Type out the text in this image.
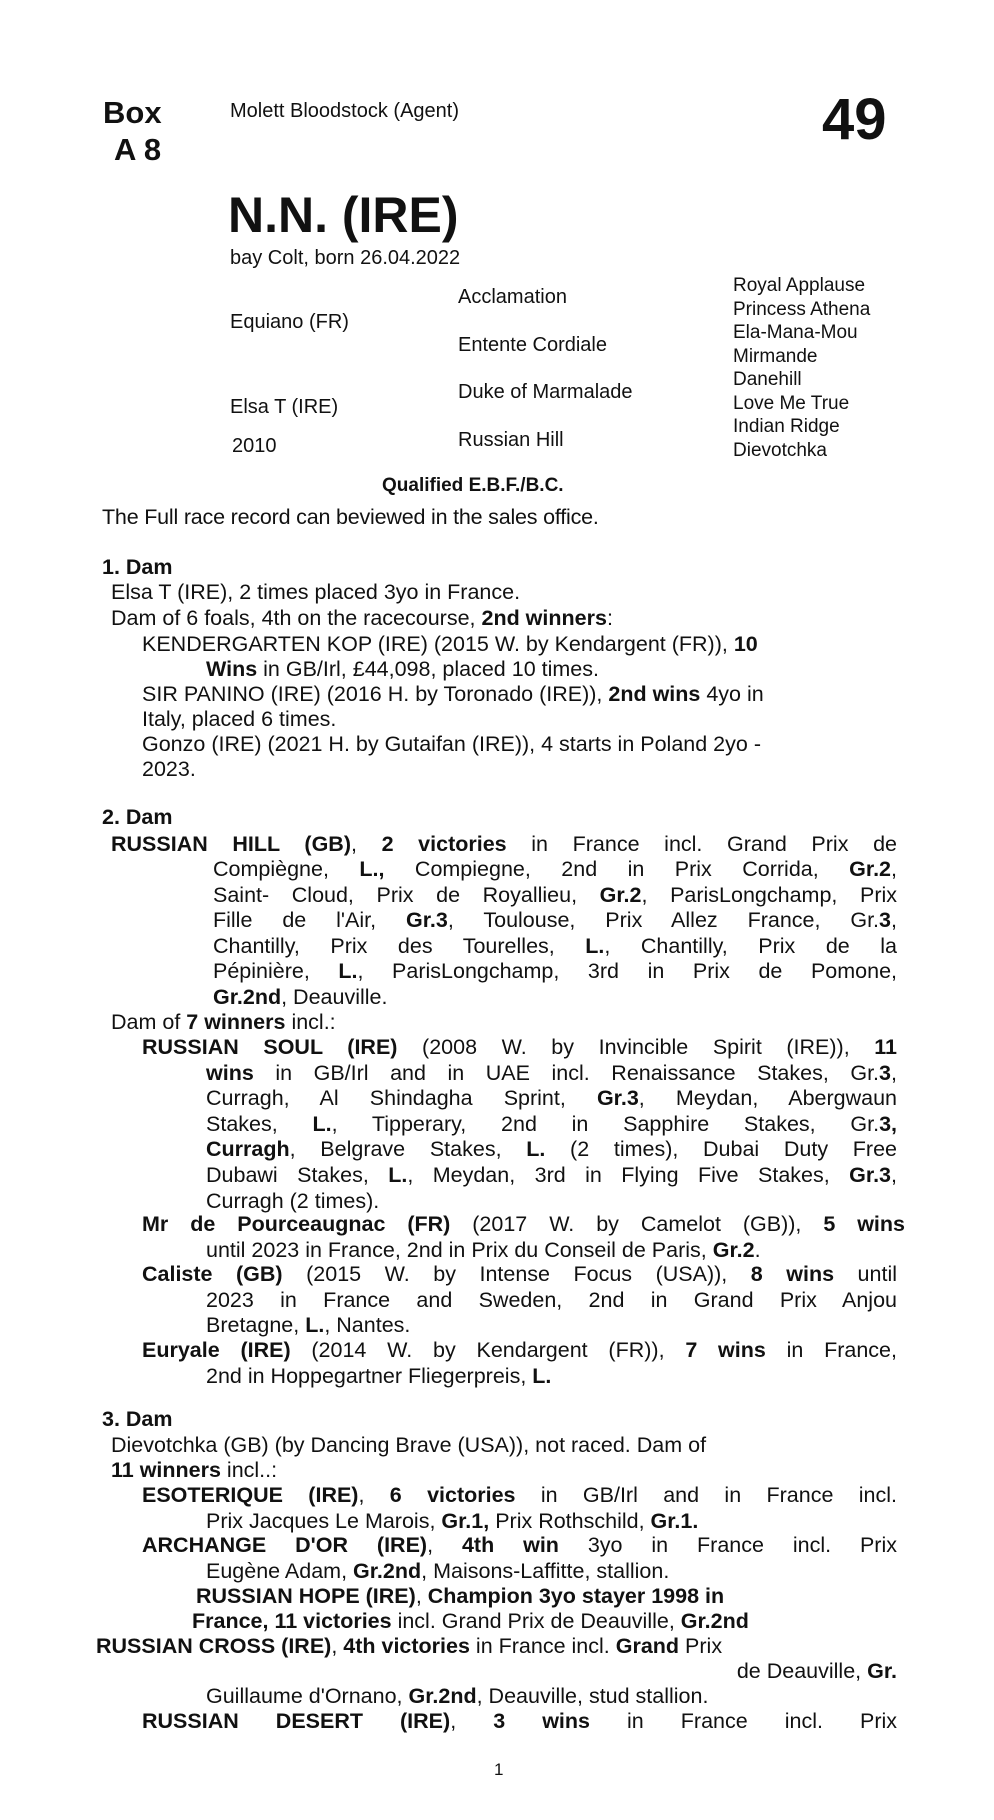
Box
A 8
Molett Bloodstock (Agent)	49
N.N. (IRE)
bay Colt, born 26.04.2022
Equiano (FR)
Elsa T (IRE)
2010
Acclamation
Entente Cordiale
Duke of Marmalade
Russian Hill
Royal Applause
Princess Athena
Ela-Mana-Mou
Mirmande
Danehill
Love Me True
Indian Ridge
Dievotchka
Qualified E.B.F./B.C.
The Full race record can beviewed in the sales office.
1. Dam
Elsa T (IRE), 2 times placed 3yo in France.
Dam of 6 foals, 4th on the racecourse, 2nd winners:
KENDERGARTEN KOP (IRE) (2015 W. by Kendargent (FR)), 10
Wins in GB/Irl, £44,098, placed 10 times.
SIR PANINO (IRE) (2016 H. by Toronado (IRE)), 2nd wins 4yo in
Italy, placed 6 times.
Gonzo (IRE) (2021 H. by Gutaifan (IRE)), 4 starts in Poland 2yo -
2023.
2. Dam
RUSSIAN HILL (GB), 2 victories in France incl. Grand Prix de
Compiègne, L., Compiegne, 2nd in Prix Corrida, Gr.2,
Saint- Cloud, Prix de Royallieu, Gr.2, ParisLongchamp, Prix
Fille de l'Air, Gr.3, Toulouse, Prix Allez France, Gr.3,
Chantilly, Prix des Tourelles, L., Chantilly, Prix de la
Pépinière, L., ParisLongchamp, 3rd in Prix de Pomone,
Gr.2nd, Deauville.
Dam of 7 winners incl.:
RUSSIAN SOUL (IRE) (2008 W. by Invincible Spirit (IRE)), 11
wins in GB/Irl and in UAE incl. Renaissance Stakes, Gr.3,
Curragh, Al Shindagha Sprint, Gr.3, Meydan, Abergwaun
Stakes, L., Tipperary, 2nd in Sapphire Stakes, Gr.3,
Curragh, Belgrave Stakes, L. (2 times), Dubai Duty Free
Dubawi Stakes, L., Meydan, 3rd in Flying Five Stakes, Gr.3,
Curragh (2 times).
Mr de Pourceaugnac (FR) (2017 W. by Camelot (GB)), 5 wins
until 2023 in France, 2nd in Prix du Conseil de Paris, Gr.2.
Caliste (GB) (2015 W. by Intense Focus (USA)), 8 wins until
2023 in France and Sweden, 2nd in Grand Prix Anjou
Bretagne, L., Nantes.
Euryale (IRE) (2014 W. by Kendargent (FR)), 7 wins in France,
2nd in Hoppegartner Fliegerpreis, L.
3. Dam
Dievotchka (GB) (by Dancing Brave (USA)), not raced. Dam of
11 winners incl..:
ESOTERIQUE (IRE), 6 victories in GB/Irl and in France incl.
Prix Jacques Le Marois, Gr.1, Prix Rothschild, Gr.1.
ARCHANGE D'OR (IRE), 4th win 3yo in France incl. Prix
Eugène Adam, Gr.2nd, Maisons-Laffitte, stallion.
RUSSIAN HOPE (IRE), Champion 3yo stayer 1998 in
France, 11 victories incl. Grand Prix de Deauville, Gr.2nd
RUSSIAN CROSS (IRE), 4th victories in France incl. Grand Prix
de Deauville, Gr.
Guillaume d'Ornano, Gr.2nd, Deauville, stud stallion.
RUSSIAN DESERT (IRE), 3 wins in France incl. Prix
1
